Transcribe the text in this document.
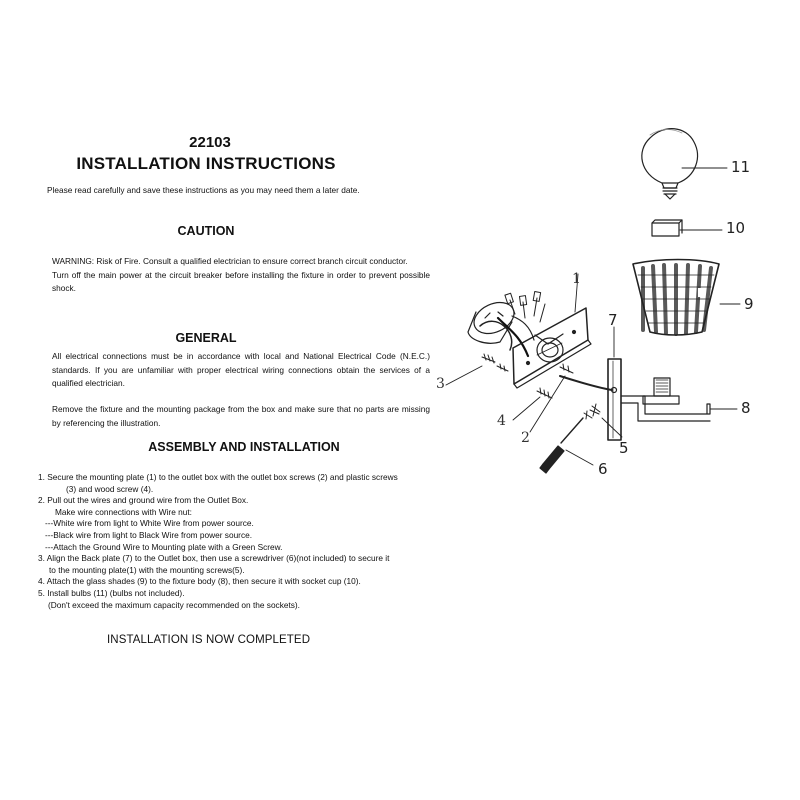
22103
INSTALLATION INSTRUCTIONS
Please read carefully and save these instructions as you may need them a later date.
CAUTION
WARNING: Risk of Fire. Consult a qualified electrician to ensure correct branch circuit conductor.
Turn off the main power at the circuit breaker before installing the fixture in order to prevent possible shock.
GENERAL
All electrical connections must be in accordance with local and National Electrical Code (N.E.C.) standards. If you are unfamiliar with proper electrical wiring connections obtain the services of a qualified electrician.
Remove the fixture and the mounting package from the box and make sure that no parts are missing by referencing the illustration.
ASSEMBLY AND INSTALLATION
1. Secure the mounting plate (1) to the outlet box with the outlet box screws (2) and plastic screws
(3) and wood screw (4).
2. Pull out the wires and ground wire from the Outlet Box.
Make wire connections with Wire nut:
---White wire from light to White Wire from power source.
---Black wire from light to Black Wire from power source.
---Attach the Ground Wire to Mounting plate with a Green Screw.
3. Align the Back plate (7) to the Outlet box, then use a screwdriver (6)(not included) to secure it
to the mounting plate(1) with the mounting screws(5).
4. Attach the glass shades (9) to the fixture body (8), then secure it with socket cup (10).
5. Install bulbs (11) (bulbs not included).
(Don't exceed the maximum capacity recommended on the sockets).
INSTALLATION IS NOW COMPLETED
11
10
9
1
7
8
3
4
2
5
6
